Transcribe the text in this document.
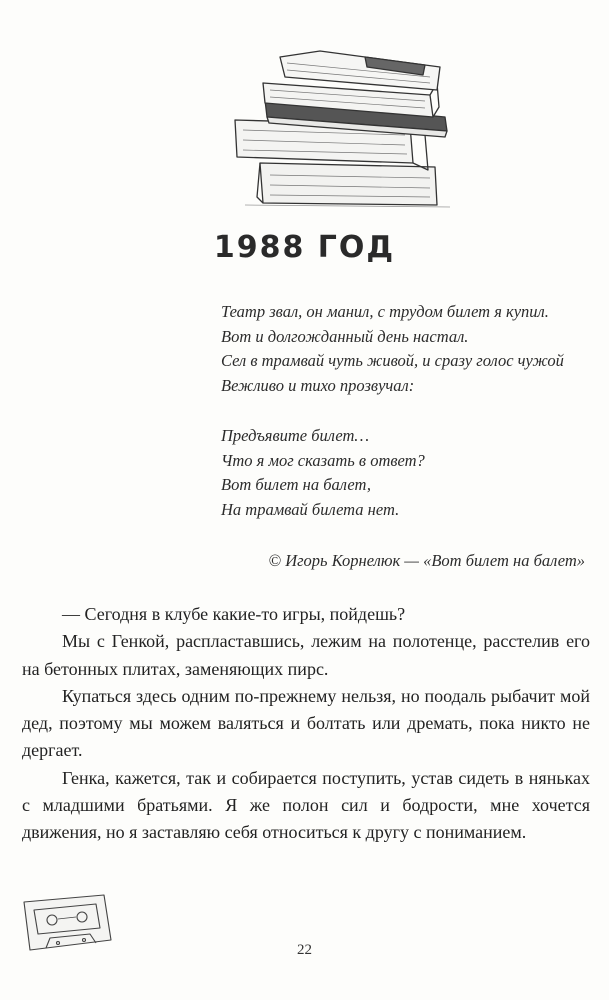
1988 ГОД
Театр звал, он манил, с трудом билет я купил.
Вот и долгожданный день настал.
Сел в трамвай чуть живой, и сразу голос чужой
Вежливо и тихо прозвучал:
Предъявите билет…
Что я мог сказать в ответ?
Вот билет на балет,
На трамвай билета нет.
© Игорь Корнелюк — «Вот билет на балет»

— Сегодня в клубе какие-то игры, пойдешь?

Мы с Генкой, распластавшись, лежим на полотенце, расстелив его на бетонных плитах, заменяющих пирс.

Купаться здесь одним по-прежнему нельзя, но поодаль рыбачит мой дед, поэтому мы можем валяться и болтать или дремать, пока никто не дергает.

Генка, кажется, так и собирается поступить, устав сидеть в няньках с младшими братьями. Я же полон сил и бодрости, мне хочется движения, но я заставляю себя относиться к другу с пониманием.

22
